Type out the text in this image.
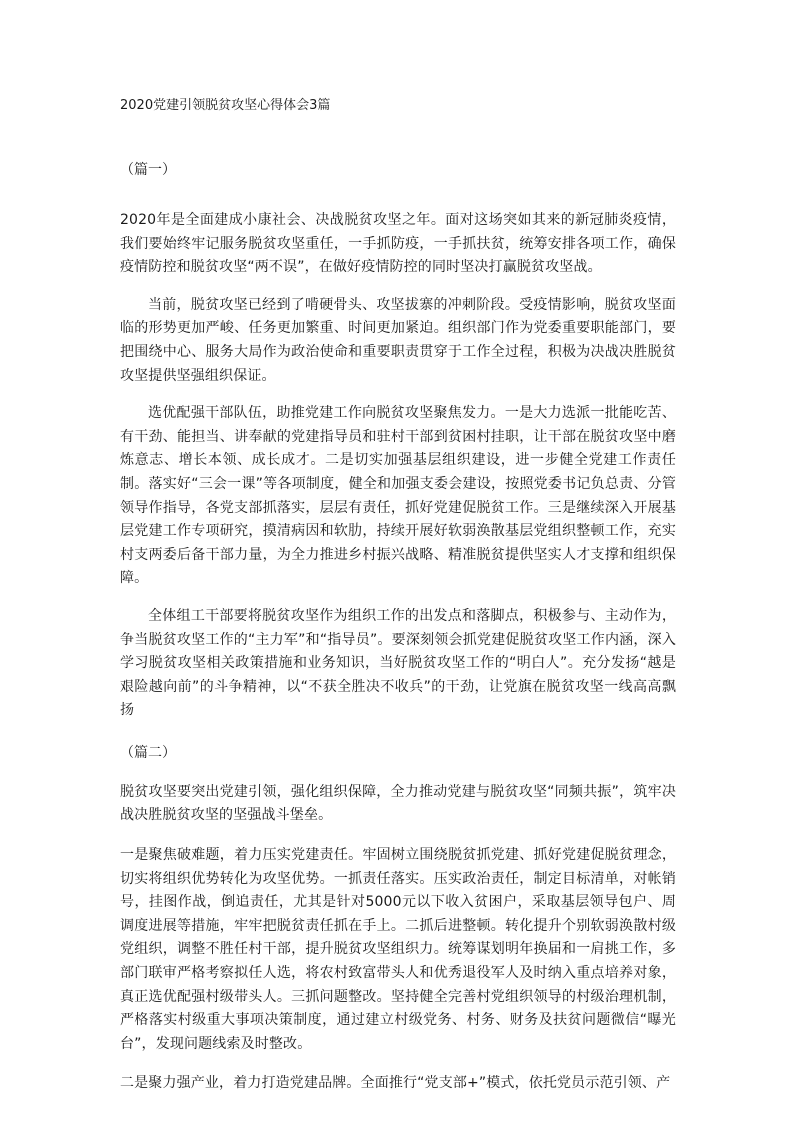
2020党建引领脱贫攻坚心得体会3篇

（篇一）

2020年是全面建成小康社会、决战脱贫攻坚之年。面对这场突如其来的新冠肺炎疫情，我们要始终牢记服务脱贫攻坚重任，一手抓防疫，一手抓扶贫，统筹安排各项工作，确保疫情防控和脱贫攻坚“两不误”，在做好疫情防控的同时坚决打赢脱贫攻坚战。

当前，脱贫攻坚已经到了啃硬骨头、攻坚拔寨的冲刺阶段。受疫情影响，脱贫攻坚面临的形势更加严峻、任务更加繁重、时间更加紧迫。组织部门作为党委重要职能部门，要把围绕中心、服务大局作为政治使命和重要职责贯穿于工作全过程，积极为决战决胜脱贫攻坚提供坚强组织保证。

选优配强干部队伍，助推党建工作向脱贫攻坚聚焦发力。一是大力选派一批能吃苦、有干劲、能担当、讲奉献的党建指导员和驻村干部到贫困村挂职，让干部在脱贫攻坚中磨炼意志、增长本领、成长成才。二是切实加强基层组织建设，进一步健全党建工作责任制。落实好“三会一课”等各项制度，健全和加强支委会建设，按照党委书记负总责、分管领导作指导，各党支部抓落实，层层有责任，抓好党建促脱贫工作。三是继续深入开展基层党建工作专项研究，摸清病因和软肋，持续开展好软弱涣散基层党组织整顿工作，充实村支两委后备干部力量，为全力推进乡村振兴战略、精准脱贫提供坚实人才支撑和组织保障。

全体组工干部要将脱贫攻坚作为组织工作的出发点和落脚点，积极参与、主动作为，争当脱贫攻坚工作的“主力军”和“指导员”。要深刻领会抓党建促脱贫攻坚工作内涵，深入学习脱贫攻坚相关政策措施和业务知识，当好脱贫攻坚工作的“明白人”。充分发扬“越是艰险越向前”的斗争精神，以“不获全胜决不收兵”的干劲，让党旗在脱贫攻坚一线高高飘扬

（篇二）

脱贫攻坚要突出党建引领，强化组织保障，全力推动党建与脱贫攻坚“同频共振”，筑牢决战决胜脱贫攻坚的坚强战斗堡垒。

一是聚焦破难题，着力压实党建责任。牢固树立围绕脱贫抓党建、抓好党建促脱贫理念，切实将组织优势转化为攻坚优势。一抓责任落实。压实政治责任，制定目标清单，对帐销号，挂图作战，倒追责任，尤其是针对5000元以下收入贫困户，采取基层领导包户、周调度进展等措施，牢牢把脱贫责任抓在手上。二抓后进整顿。转化提升个别软弱涣散村级党组织，调整不胜任村干部，提升脱贫攻坚组织力。统筹谋划明年换届和一肩挑工作，多部门联审严格考察拟任人选，将农村致富带头人和优秀退役军人及时纳入重点培养对象，真正选优配强村级带头人。三抓问题整改。坚持健全完善村党组织领导的村级治理机制，严格落实村级重大事项决策制度，通过建立村级党务、村务、财务及扶贫问题微信“曝光台”，发现问题线索及时整改。

二是聚力强产业，着力打造党建品牌。全面推行“党支部+”模式，依托党员示范引领、产
